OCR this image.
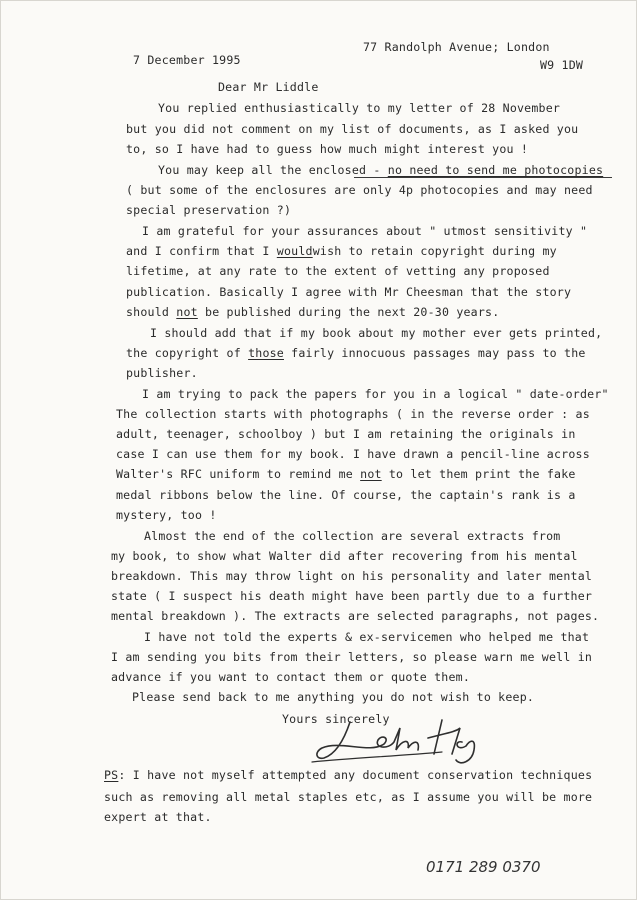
7 December 1995
77 Randolph Avenue; London
W9 1DW
Dear Mr Liddle
You replied enthusiastically to my letter of 28 November
but you did not comment on my list of documents, as I asked you
to, so I have had to guess how much might interest you !
You may keep all the enclosed - no need to send me photocopies
( but some of the enclosures are only 4p photocopies and may need
special preservation ?)
I am grateful for your assurances about " utmost sensitivity "
and I confirm that I wouldwish to retain copyright during my
lifetime, at any rate to the extent of vetting any proposed
publication. Basically I agree with Mr Cheesman that the story
should not be published during the next 20-30 years.
I should add that if my book about my mother ever gets printed,
the copyright of those fairly innocuous passages may pass to the
publisher.
I am trying to pack the papers for you in a logical " date-order"
The collection starts with photographs ( in the reverse order : as
adult, teenager, schoolboy ) but I am retaining the originals in
case I can use them for my book. I have drawn a pencil-line across
Walter's RFC uniform to remind me not to let them print the fake
medal ribbons below the line. Of course, the captain's rank is a
mystery, too !
Almost the end of the collection are several extracts from
my book, to show what Walter did after recovering from his mental
breakdown. This may throw light on his personality and later mental
state ( I suspect his death might have been partly due to a further
mental breakdown ). The extracts are selected paragraphs, not pages.
I have not told the experts & ex-servicemen who helped me that
I am sending you bits from their letters, so please warn me well in
advance if you want to contact them or quote them.
Please send back to me anything you do not wish to keep.
Yours sincerely
PS: I have not myself attempted any document conservation techniques
such as removing all metal staples etc, as I assume you will be more
expert at that.
0171 289 0370
